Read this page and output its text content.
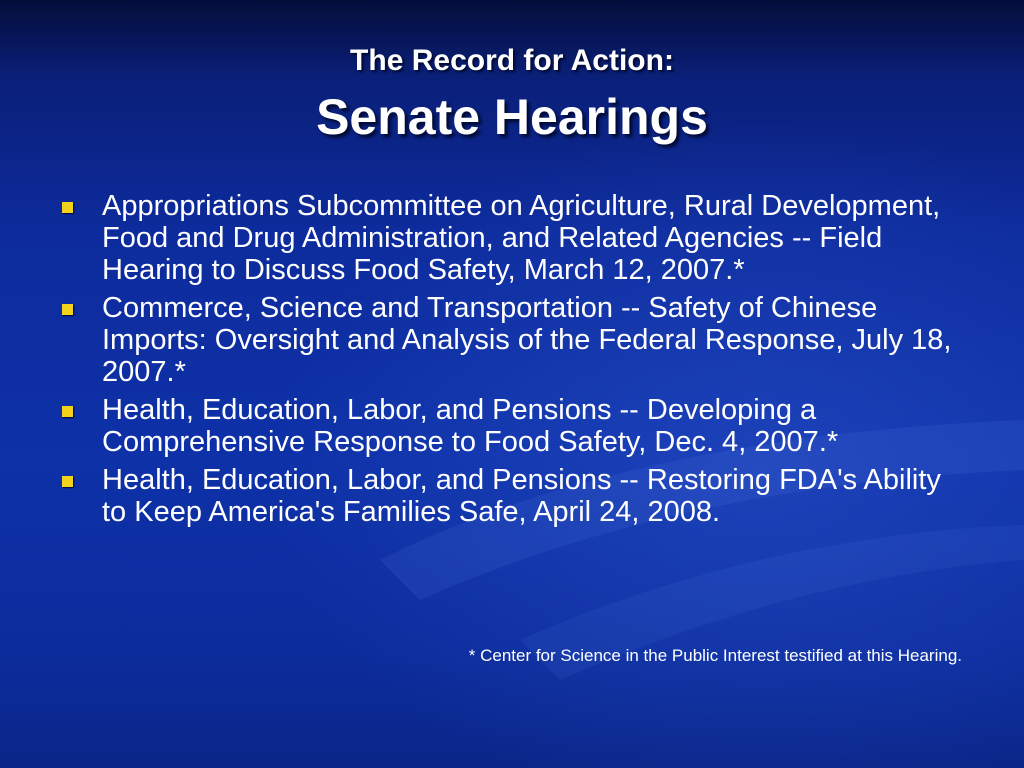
The Record for Action:
Senate Hearings
Appropriations Subcommittee on Agriculture, Rural Development, Food and Drug Administration, and Related Agencies -- Field Hearing to Discuss Food Safety, March 12, 2007.*
Commerce, Science and Transportation -- Safety of Chinese Imports: Oversight and Analysis of the Federal Response, July 18, 2007.*
Health, Education, Labor, and Pensions -- Developing a Comprehensive Response to Food Safety, Dec. 4, 2007.*
Health, Education, Labor, and Pensions -- Restoring FDA's Ability to Keep America's Families Safe, April 24, 2008.
* Center for Science in the Public Interest testified at this Hearing.
